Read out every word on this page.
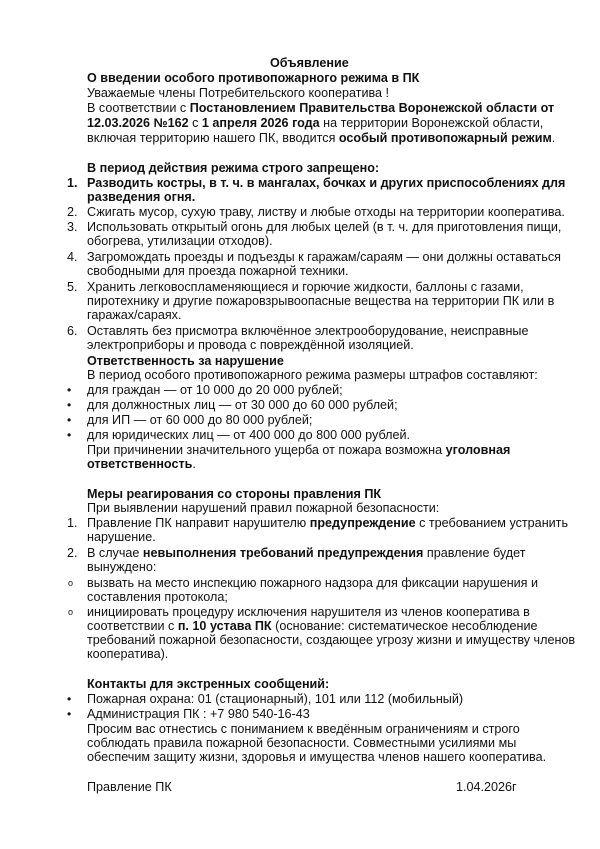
Объявление
О введении особого противопожарного режима в ПК
Уважаемые члены Потребительского кооператива !
В соответствии с Постановлением Правительства Воронежской области от
12.03.2026 №162 с 1 апреля 2026 года на территории Воронежской области,
включая территорию нашего ПК, вводится особый противопожарный режим.
В период действия режима строго запрещено:
1. Разводить костры, в т. ч. в мангалах, бочках и других приспособлениях для
разведения огня.
2. Сжигать мусор, сухую траву, листву и любые отходы на территории кооператива.
3. Использовать открытый огонь для любых целей (в т. ч. для приготовления пищи,
обогрева, утилизации отходов).
4. Загромождать проезды и подъезды к гаражам/сараям — они должны оставаться
свободными для проезда пожарной техники.
5. Хранить легковоспламеняющиеся и горючие жидкости, баллоны с газами,
пиротехнику и другие пожаровзрывоопасные вещества на территории ПК или в
гаражах/сараях.
6. Оставлять без присмотра включённое электрооборудование, неисправные
электроприборы и провода с повреждённой изоляцией.
Ответственность за нарушение
В период особого противопожарного режима размеры штрафов составляют:
• для граждан — от 10 000 до 20 000 рублей;
• для должностных лиц — от 30 000 до 60 000 рублей;
• для ИП — от 60 000 до 80 000 рублей;
• для юридических лиц — от 400 000 до 800 000 рублей.
При причинении значительного ущерба от пожара возможна уголовная
ответственность.
Меры реагирования со стороны правления ПК
При выявлении нарушений правил пожарной безопасности:
1. Правление ПК направит нарушителю предупреждение с требованием устранить
нарушение.
2. В случае невыполнения требований предупреждения правление будет
вынуждено:
o вызвать на место инспекцию пожарного надзора для фиксации нарушения и
составления протокола;
o инициировать процедуру исключения нарушителя из членов кооператива в
соответствии с п. 10 устава ПК (основание: систематическое несоблюдение
требований пожарной безопасности, создающее угрозу жизни и имуществу членов
кооператива).
Контакты для экстренных сообщений:
• Пожарная охрана: 01 (стационарный), 101 или 112 (мобильный)
• Администрация ПК : +7 980 540-16-43
Просим вас отнестись с пониманием к введённым ограничениям и строго
соблюдать правила пожарной безопасности. Совместными усилиями мы
обеспечим защиту жизни, здоровья и имущества членов нашего кооператива.
Правление ПК	1.04.2026г
